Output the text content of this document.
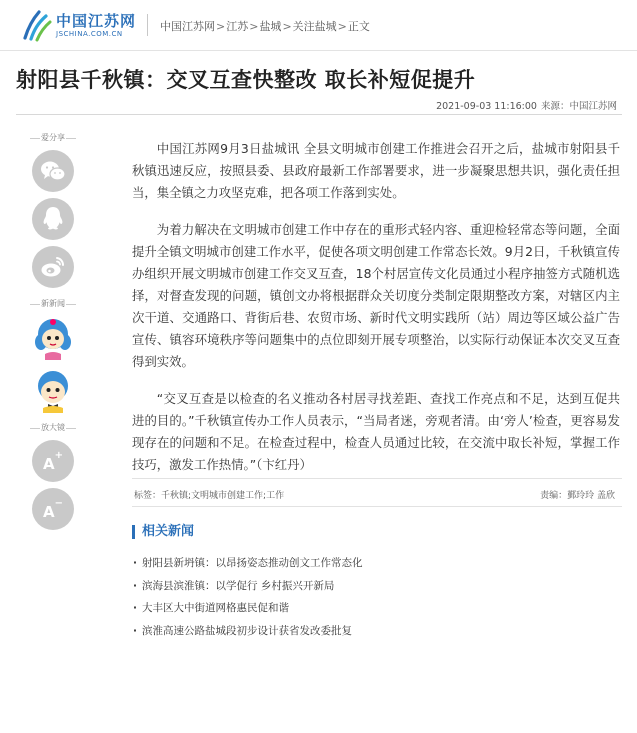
中国江苏网
JSCHINA.COM.CN
中国江苏网>江苏>盐城>关注盐城>正文
射阳县千秋镇：交叉互查快整改 取长补短促提升
2021-09-03 11:16:00 来源：中国江苏网
爱分享
新新闻
放大镜
A+
A−

中国江苏网9月3日盐城讯 全县文明城市创建工作推进会召开之后，盐城市射阳县千秋镇迅速反应，按照县委、县政府最新工作部署要求，进一步凝聚思想共识，强化责任担当，集全镇之力攻坚克难，把各项工作落到实处。

为着力解决在文明城市创建工作中存在的重形式轻内容、重迎检轻常态等问题，全面提升全镇文明城市创建工作水平，促使各项文明创建工作常态长效。9月2日，千秋镇宣传办组织开展文明城市创建工作交叉互查，18个村居宣传文化员通过小程序抽签方式随机选择，对督查发现的问题，镇创文办将根据群众关切度分类制定限期整改方案，对辖区内主次干道、交通路口、背街后巷、农贸市场、新时代文明实践所（站）周边等区域公益广告宣传、镇容环境秩序等问题集中的点位即刻开展专项整治，以实际行动保证本次交叉互查得到实效。

“交叉互查是以检查的名义推动各村居寻找差距、查找工作亮点和不足，达到互促共进的目的。”千秋镇宣传办工作人员表示，“当局者迷，旁观者清。由‘旁人’检查，更容易发现存在的问题和不足。在检查过程中，检查人员通过比较，在交流中取长补短，掌握工作技巧，激发工作热情。”（卞红丹）

标签：千秋镇;文明城市创建工作;工作	责编：鄞玲玲 盖欣
相关新闻
· 射阳县新坍镇：以昂扬姿态推动创文工作常态化
· 滨海县滨淮镇：以学促行 乡村振兴开新局
· 大丰区大中街道网格惠民促和谐
· 滨淮高速公路盐城段初步设计获省发改委批复
